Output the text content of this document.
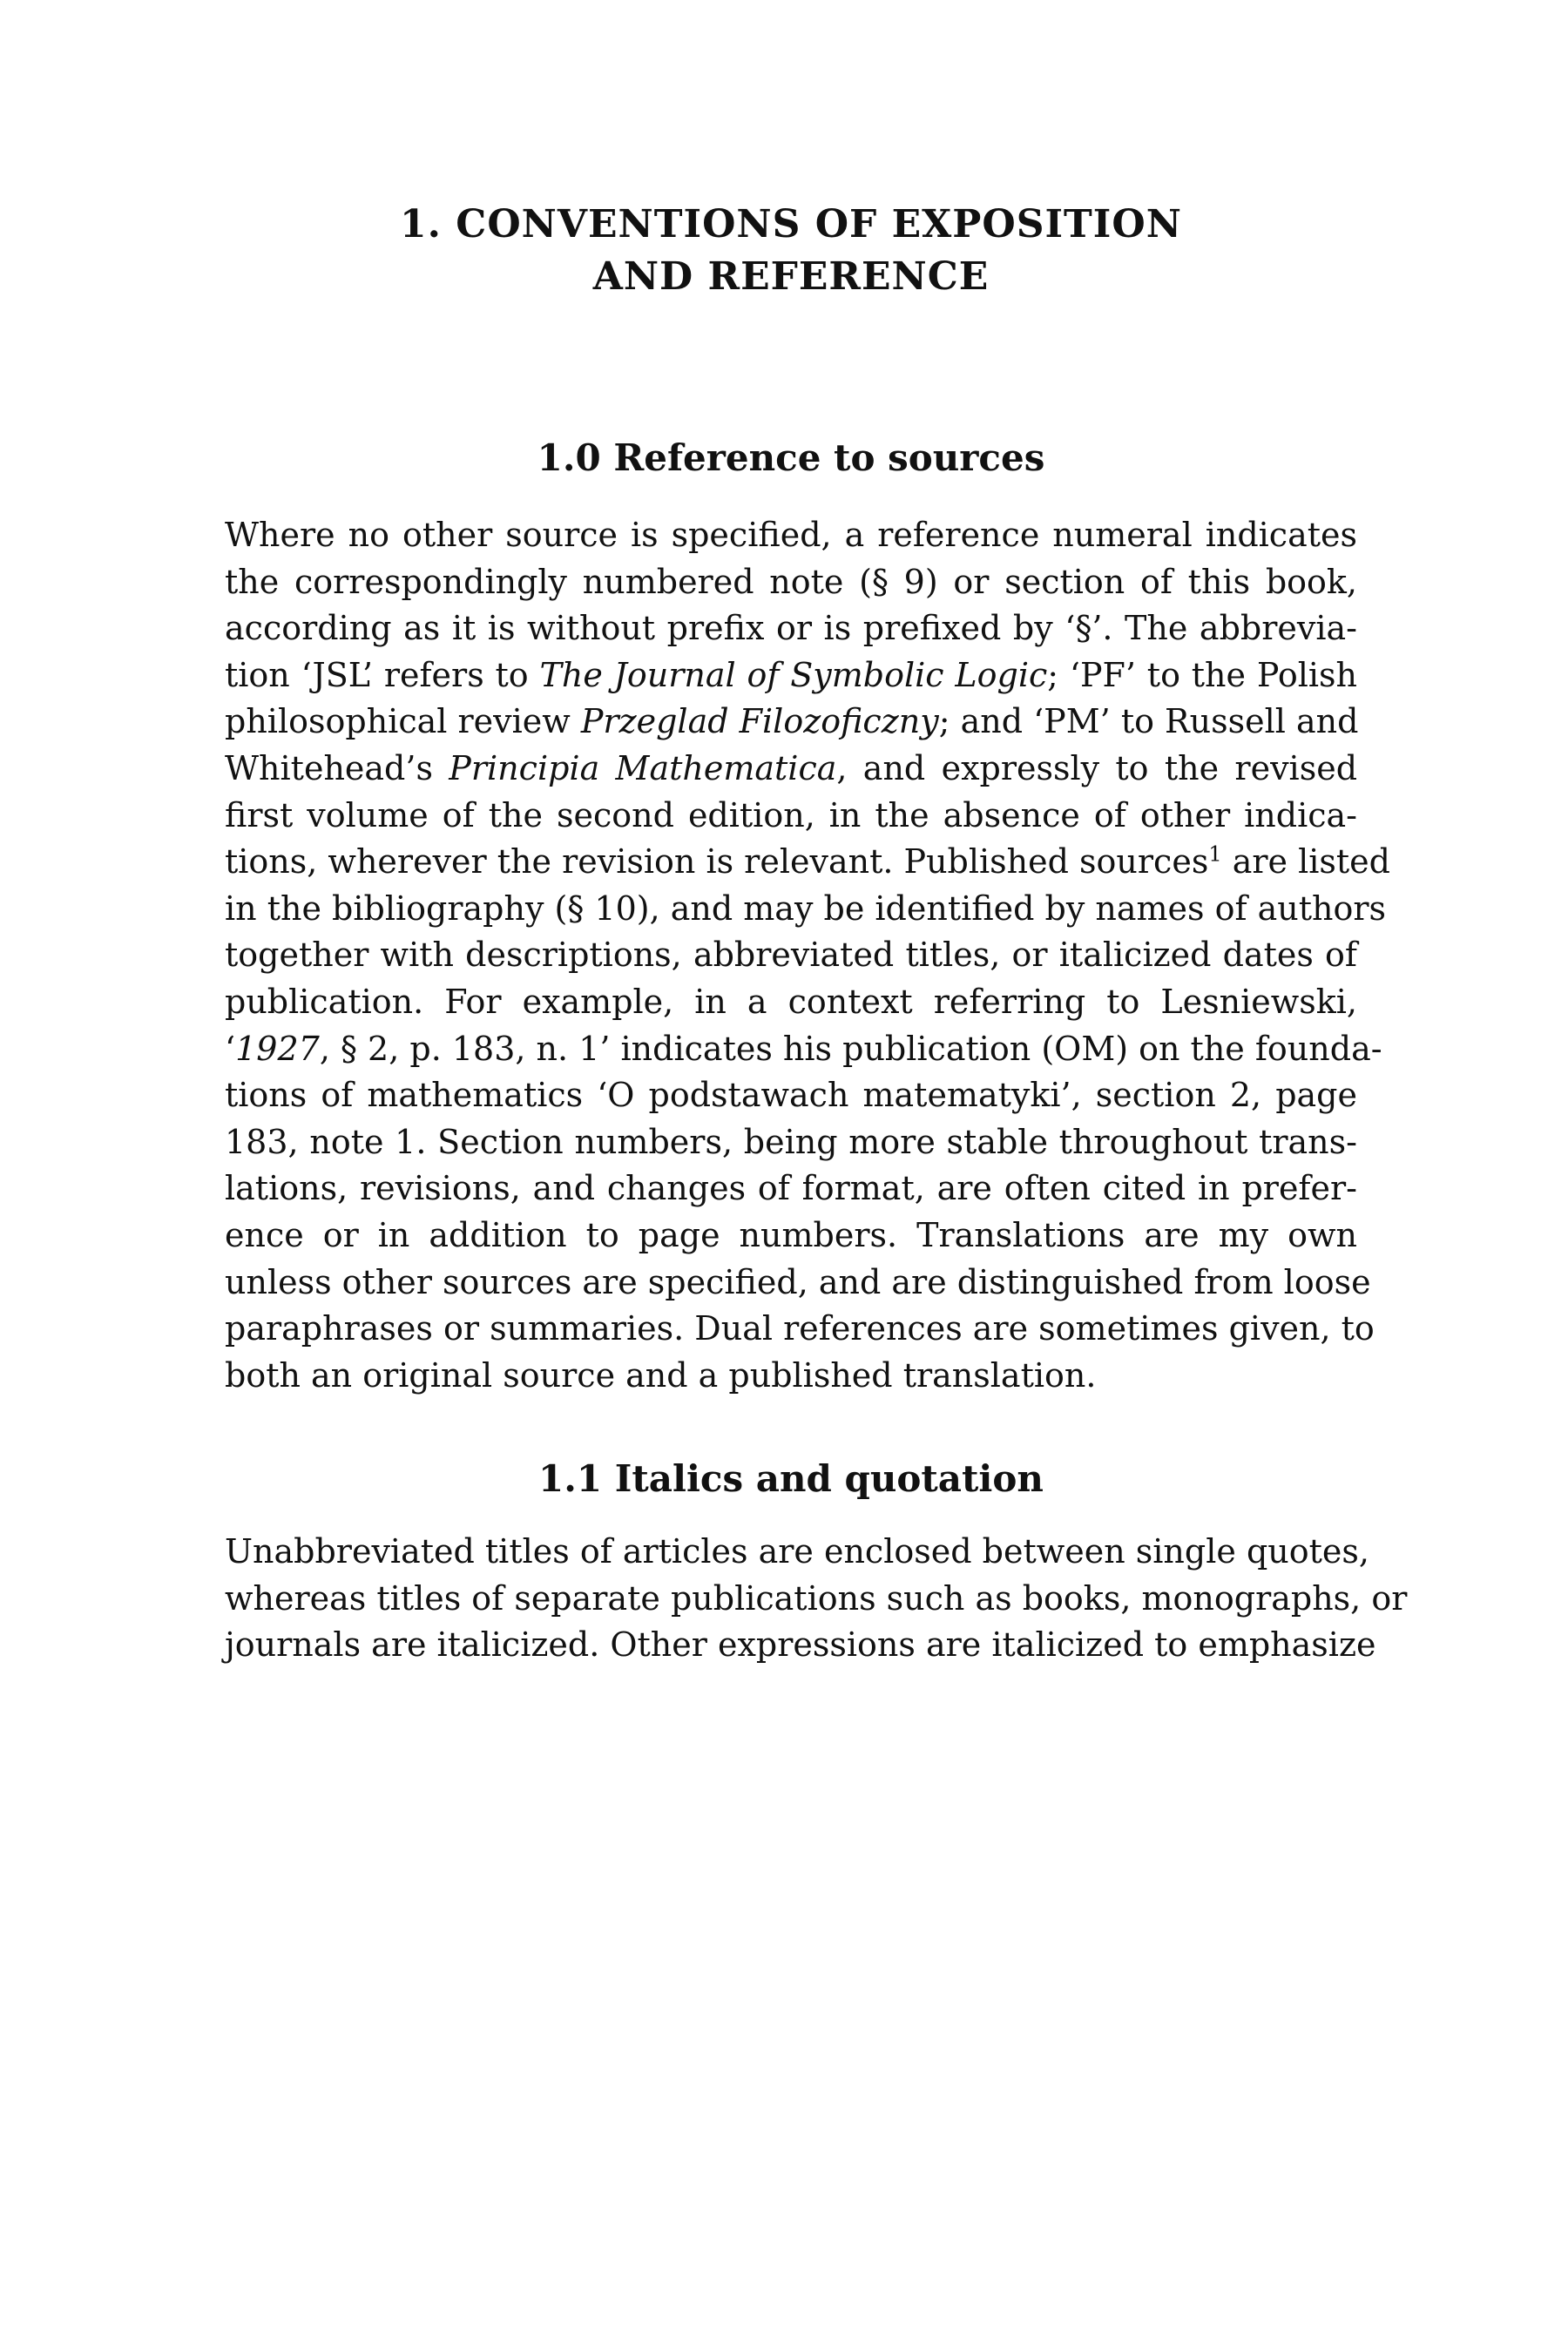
1. CONVENTIONS OF EXPOSITION
AND REFERENCE
1.0 Reference to sources

Where no other source is specified, a reference numeral indicates
the correspondingly numbered note (§ 9) or section of this book,
according as it is without prefix or is prefixed by ‘§’. The abbrevia-
tion ‘JSL’ refers to The Journal of Symbolic Logic; ‘PF’ to the Polish
philosophical review Przeglad Filozoficzny; and ‘PM’ to Russell and
Whitehead’s Principia Mathematica, and expressly to the revised
first volume of the second edition, in the absence of other indica-
tions, wherever the revision is relevant. Published sources$^1$ are listed
in the bibliography (§ 10), and may be identified by names of authors
together with descriptions, abbreviated titles, or italicized dates of
publication. For example, in a context referring to Lesniewski,
‘1927, § 2, p. 183, n. 1’ indicates his publication (OM) on the founda-
tions of mathematics ‘O podstawach matematyki’, section 2, page
183, note 1. Section numbers, being more stable throughout trans-
lations, revisions, and changes of format, are often cited in prefer-
ence or in addition to page numbers. Translations are my own
unless other sources are specified, and are distinguished from loose
paraphrases or summaries. Dual references are sometimes given, to
both an original source and a published translation.

1.1 Italics and quotation

Unabbreviated titles of articles are enclosed between single quotes,
whereas titles of separate publications such as books, monographs, or
journals are italicized. Other expressions are italicized to emphasize
